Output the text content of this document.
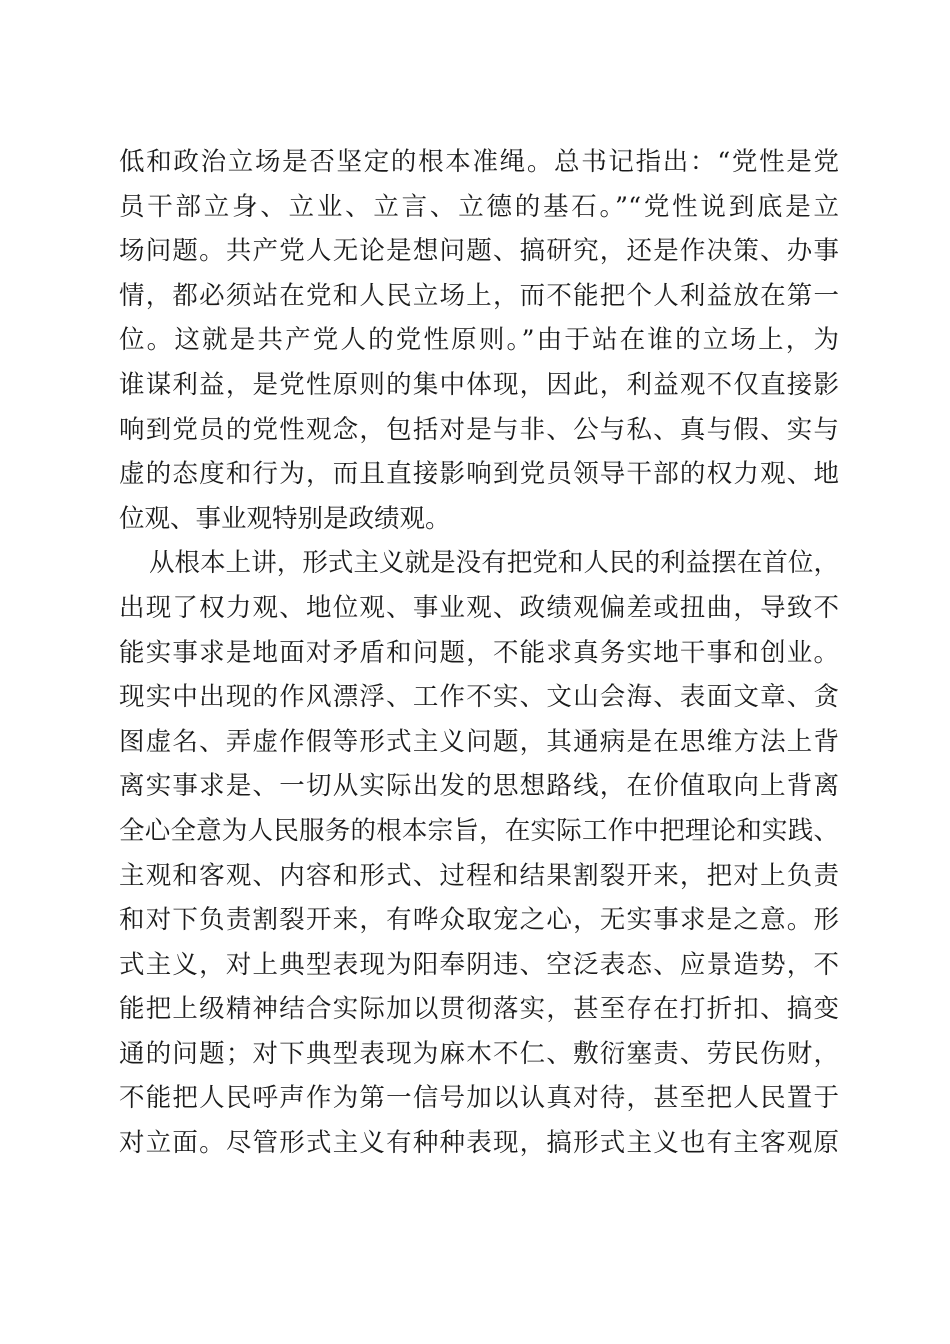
低和政治立场是否坚定的根本准绳。总书记指出：“党性是党
员干部立身、立业、立言、立德的基石。”“党性说到底是立
场问题。共产党人无论是想问题、搞研究，还是作决策、办事
情，都必须站在党和人民立场上，而不能把个人利益放在第一
位。这就是共产党人的党性原则。”由于站在谁的立场上，为
谁谋利益，是党性原则的集中体现，因此，利益观不仅直接影
响到党员的党性观念，包括对是与非、公与私、真与假、实与
虚的态度和行为，而且直接影响到党员领导干部的权力观、地
位观、事业观特别是政绩观。
从根本上讲，形式主义就是没有把党和人民的利益摆在首位，
出现了权力观、地位观、事业观、政绩观偏差或扭曲，导致不
能实事求是地面对矛盾和问题，不能求真务实地干事和创业。
现实中出现的作风漂浮、工作不实、文山会海、表面文章、贪
图虚名、弄虚作假等形式主义问题，其通病是在思维方法上背
离实事求是、一切从实际出发的思想路线，在价值取向上背离
全心全意为人民服务的根本宗旨，在实际工作中把理论和实践、
主观和客观、内容和形式、过程和结果割裂开来，把对上负责
和对下负责割裂开来，有哗众取宠之心，无实事求是之意。形
式主义，对上典型表现为阳奉阴违、空泛表态、应景造势，不
能把上级精神结合实际加以贯彻落实，甚至存在打折扣、搞变
通的问题；对下典型表现为麻木不仁、敷衍塞责、劳民伤财，
不能把人民呼声作为第一信号加以认真对待，甚至把人民置于
对立面。尽管形式主义有种种表现，搞形式主义也有主客观原
